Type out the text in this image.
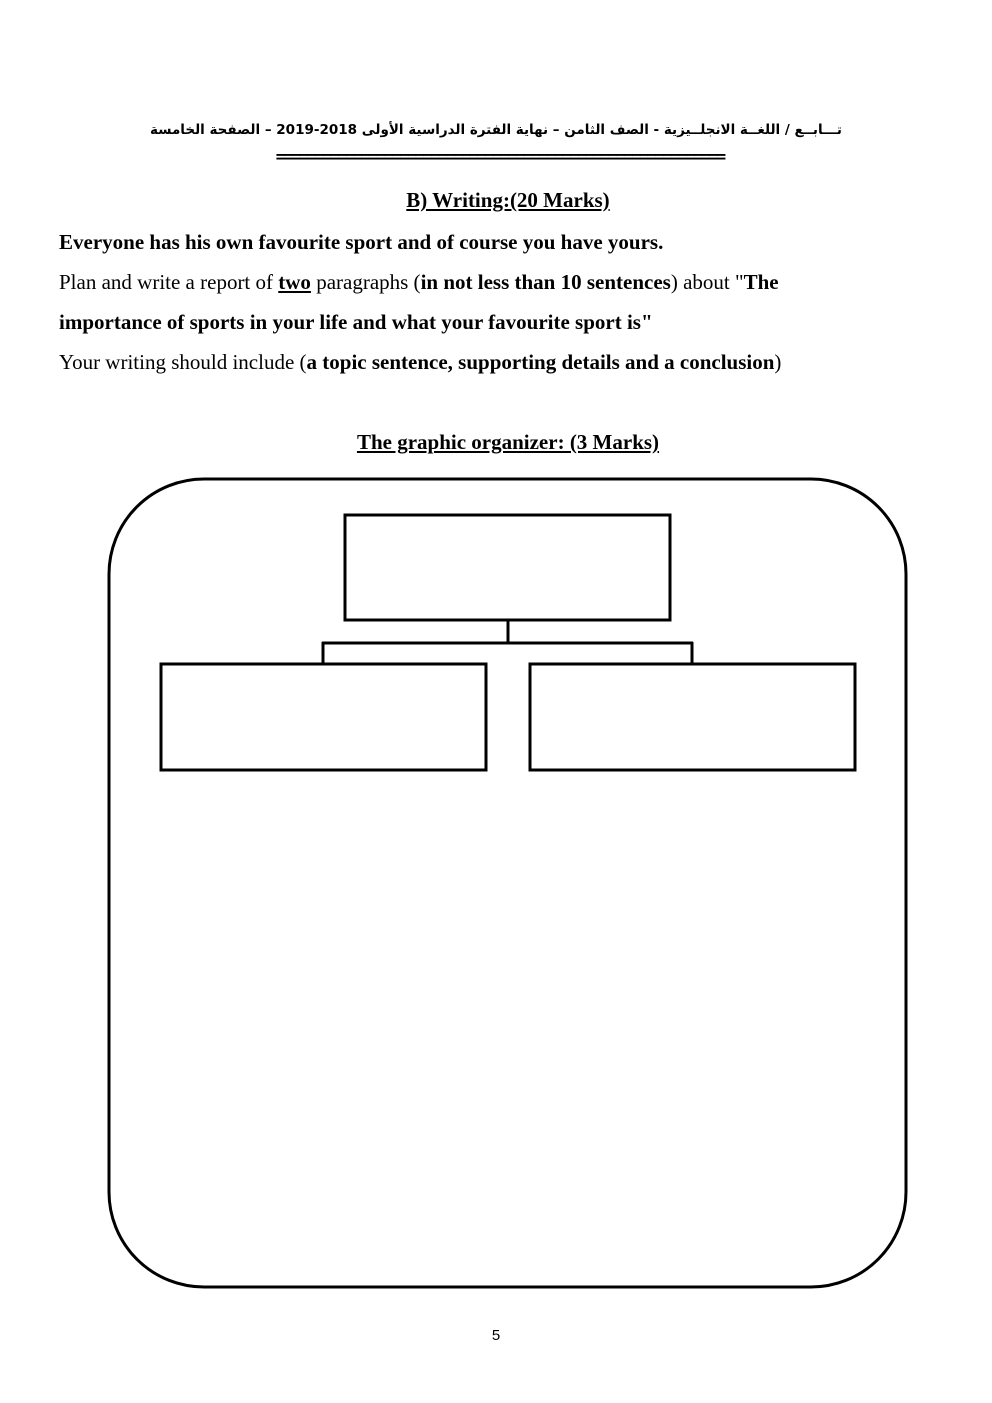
تـــابــع / اللغــة الانجلــيزية - الصف الثامن – نهاية الفترة الدراسية الأولى 2018-2019 – الصفحة الخامسة
==========================================================
B) Writing:(20 Marks)
Everyone has his own favourite sport and of course you have yours.
Plan and write a report of two paragraphs (in not less than 10 sentences) about "The
importance of sports in your life and what your favourite sport is"
Your writing should include (a topic sentence, supporting details and a conclusion)
The graphic organizer: (3 Marks)
5
